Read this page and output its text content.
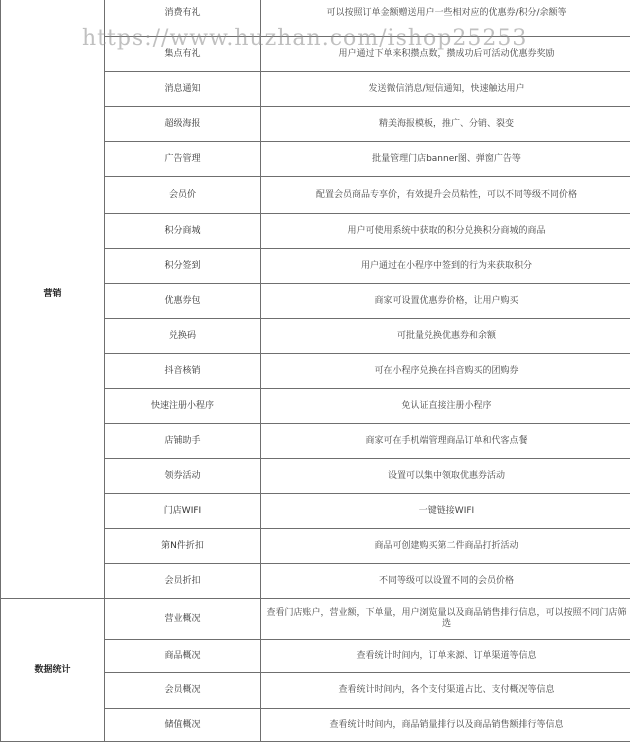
营销	消费有礼	可以按照订单金额赠送用户一些相对应的优惠券/积分/余额等
	集点有礼	用户通过下单来积攒点数，攒成功后可活动优惠券奖励
	消息通知	发送微信消息/短信通知，快速触达用户
	超级海报	精美海报模板，推广、分销、裂变
	广告管理	批量管理门店banner图、弹窗广告等
	会员价	配置会员商品专享价，有效提升会员粘性，可以不同等级不同价格
	积分商城	用户可使用系统中获取的积分兑换积分商城的商品
	积分签到	用户通过在小程序中签到的行为来获取积分
	优惠券包	商家可设置优惠券价格，让用户购买
	兑换码	可批量兑换优惠券和余额
	抖音核销	可在小程序兑换在抖音购买的团购券
	快速注册小程序	免认证直接注册小程序
	店铺助手	商家可在手机端管理商品订单和代客点餐
	领券活动	设置可以集中领取优惠券活动
	门店WIFI	一键链接WIFI
	第N件折扣	商品可创建购买第二件商品打折活动
	会员折扣	不同等级可以设置不同的会员价格
数据统计	营业概况	查看门店账户，营业额，下单量，用户浏览量以及商品销售排行信息，可以按照不同门店筛选
	商品概况	查看统计时间内，订单来源、订单渠道等信息
	会员概况	查看统计时间内，各个支付渠道占比、支付概况等信息
	储值概况	查看统计时间内，商品销量排行以及商品销售额排行等信息
https://www.huzhan.com/ishop25253
